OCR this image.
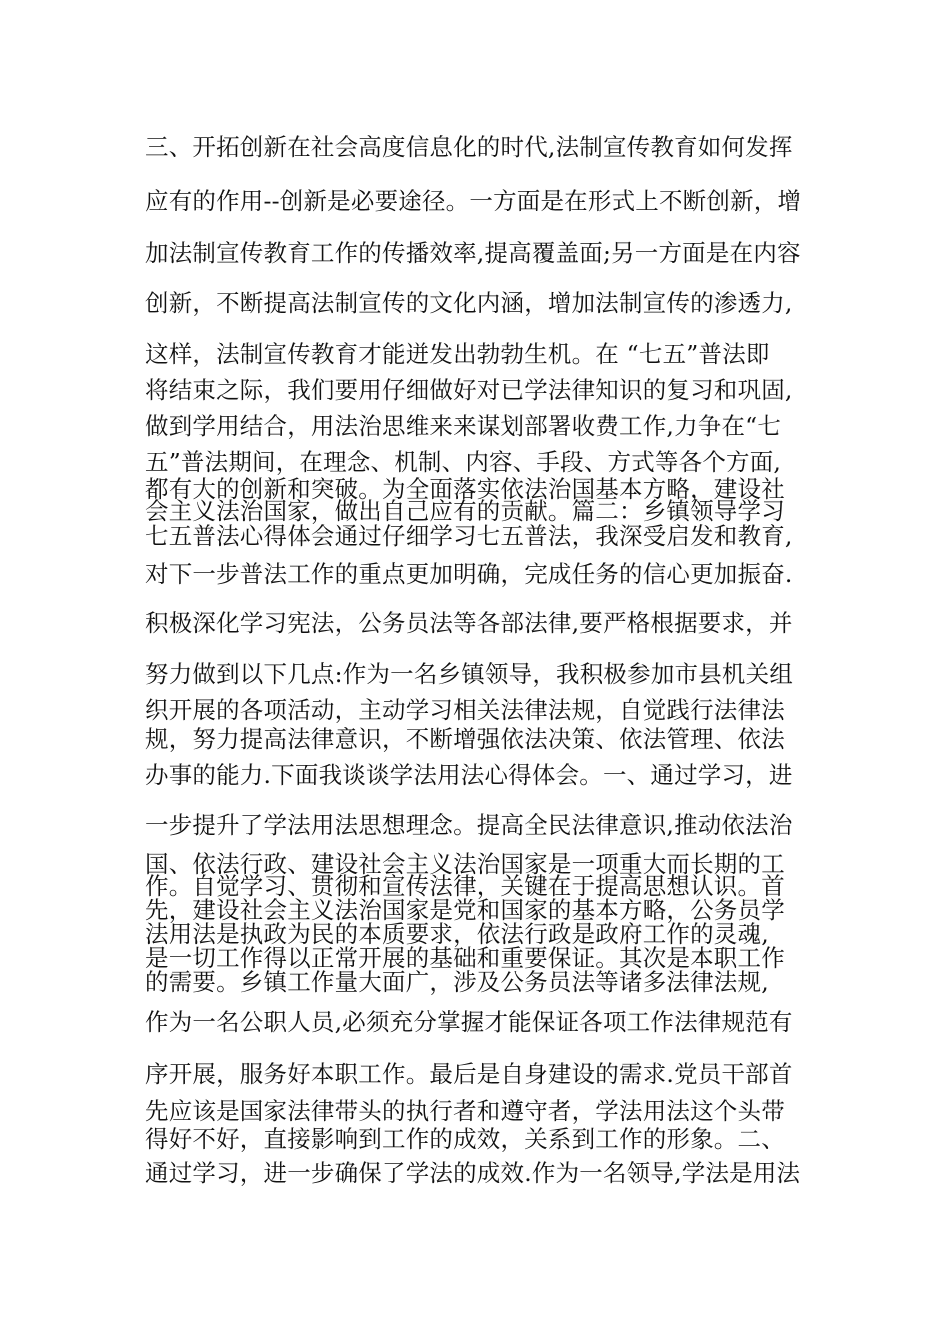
三、开拓创新在社会高度信息化的时代,法制宣传教育如何发挥
应有的作用--创新是必要途径。一方面是在形式上不断创新，增
加法制宣传教育工作的传播效率,提高覆盖面;另一方面是在内容
创新，不断提高法制宣传的文化内涵，增加法制宣传的渗透力,
这样，法制宣传教育才能迸发出勃勃生机。在 “七五”普法即
将结束之际，我们要用仔细做好对已学法律知识的复习和巩固,
做到学用结合，用法治思维来来谋划部署收费工作,力争在“七
五”普法期间，在理念、机制、内容、手段、方式等各个方面,
都有大的创新和突破。为全面落实依法治国基本方略，建设社
会主义法治国家，做出自己应有的贡献。篇二：乡镇领导学习
七五普法心得体会通过仔细学习七五普法，我深受启发和教育,
对下一步普法工作的重点更加明确，完成任务的信心更加振奋.
积极深化学习宪法，公务员法等各部法律,要严格根据要求，并
努力做到以下几点:作为一名乡镇领导，我积极参加市县机关组
织开展的各项活动，主动学习相关法律法规，自觉践行法律法
规，努力提高法律意识，不断增强依法决策、依法管理、依法
办事的能力.下面我谈谈学法用法心得体会。一、通过学习，进
一步提升了学法用法思想理念。提高全民法律意识,推动依法治
国、依法行政、建设社会主义法治国家是一项重大而长期的工
作。自觉学习、贯彻和宣传法律，关键在于提高思想认识。首
先，建设社会主义法治国家是党和国家的基本方略，公务员学
法用法是执政为民的本质要求，依法行政是政府工作的灵魂,
是一切工作得以正常开展的基础和重要保证。其次是本职工作
的需要。乡镇工作量大面广，涉及公务员法等诸多法律法规,
作为一名公职人员,必须充分掌握才能保证各项工作法律规范有
序开展，服务好本职工作。最后是自身建设的需求.党员干部首
先应该是国家法律带头的执行者和遵守者，学法用法这个头带
得好不好，直接影响到工作的成效，关系到工作的形象。二、
通过学习，进一步确保了学法的成效.作为一名领导,学法是用法
